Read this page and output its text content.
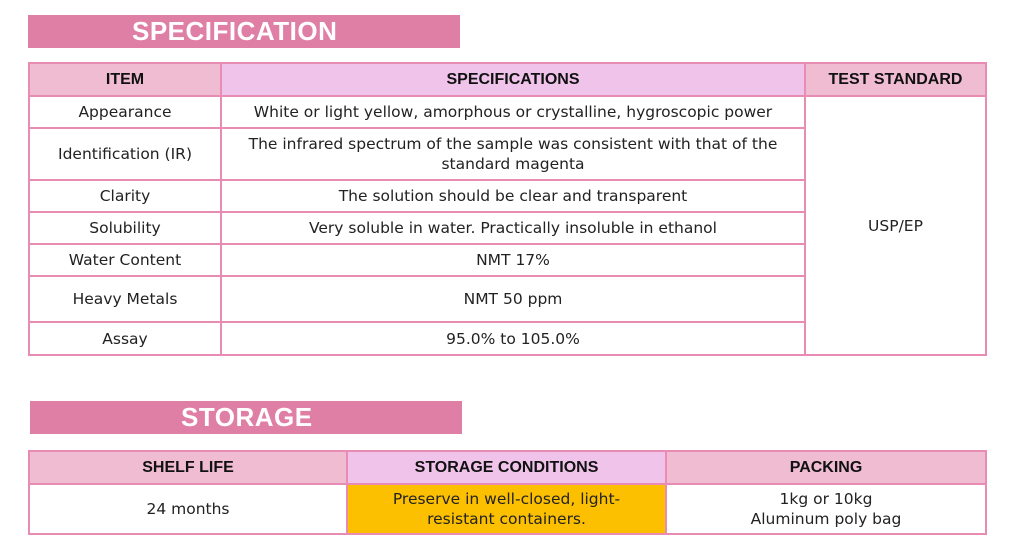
SPECIFICATION
ITEM	SPECIFICATIONS	TEST STANDARD
Appearance	White or light yellow, amorphous or crystalline, hygroscopic power	USP/EP
Identification (IR)	The infrared spectrum of the sample was consistent with that of the standard magenta	
Clarity	The solution should be clear and transparent	
Solubility	Very soluble in water. Practically insoluble in ethanol	
Water Content	NMT 17%	
Heavy Metals	NMT 50 ppm	
Assay	95.0% to 105.0%	
STORAGE
SHELF LIFE	STORAGE CONDITIONS	PACKING
24 months	Preserve in well-closed, light-resistant containers.	1kg or 10kg
Aluminum poly bag
